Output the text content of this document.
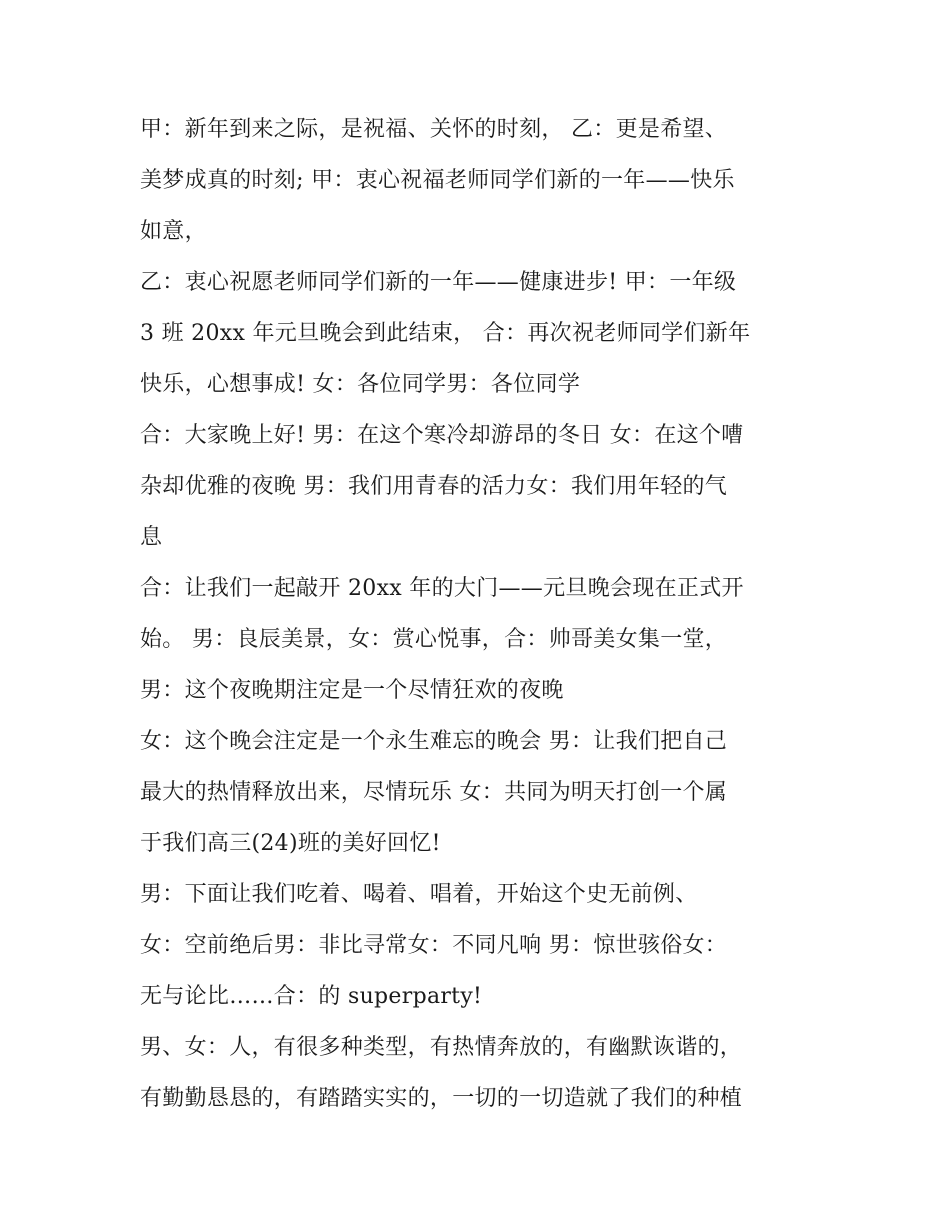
甲：新年到来之际，是祝福、关怀的时刻， 乙：更是希望、
美梦成真的时刻; 甲：衷心祝福老师同学们新的一年——快乐
如意，
乙：衷心祝愿老师同学们新的一年——健康进步! 甲：一年级
3 班 20xx 年元旦晚会到此结束， 合：再次祝老师同学们新年
快乐，心想事成! 女：各位同学男：各位同学
合：大家晚上好! 男：在这个寒冷却游昂的冬日 女：在这个嘈
杂却优雅的夜晚 男：我们用青春的活力女：我们用年轻的气
息
合：让我们一起敲开 20xx 年的大门——元旦晚会现在正式开
始。 男：良辰美景，女：赏心悦事，合：帅哥美女集一堂，
男：这个夜晚期注定是一个尽情狂欢的夜晚
女：这个晚会注定是一个永生难忘的晚会 男：让我们把自己
最大的热情释放出来，尽情玩乐 女：共同为明天打创一个属
于我们高三(24)班的美好回忆!
男：下面让我们吃着、喝着、唱着，开始这个史无前例、
女：空前绝后男：非比寻常女：不同凡响 男：惊世骇俗女：
无与论比……合：的 superparty!
男、女：人，有很多种类型，有热情奔放的，有幽默诙谐的，
有勤勤恳恳的，有踏踏实实的，一切的一切造就了我们的种植
